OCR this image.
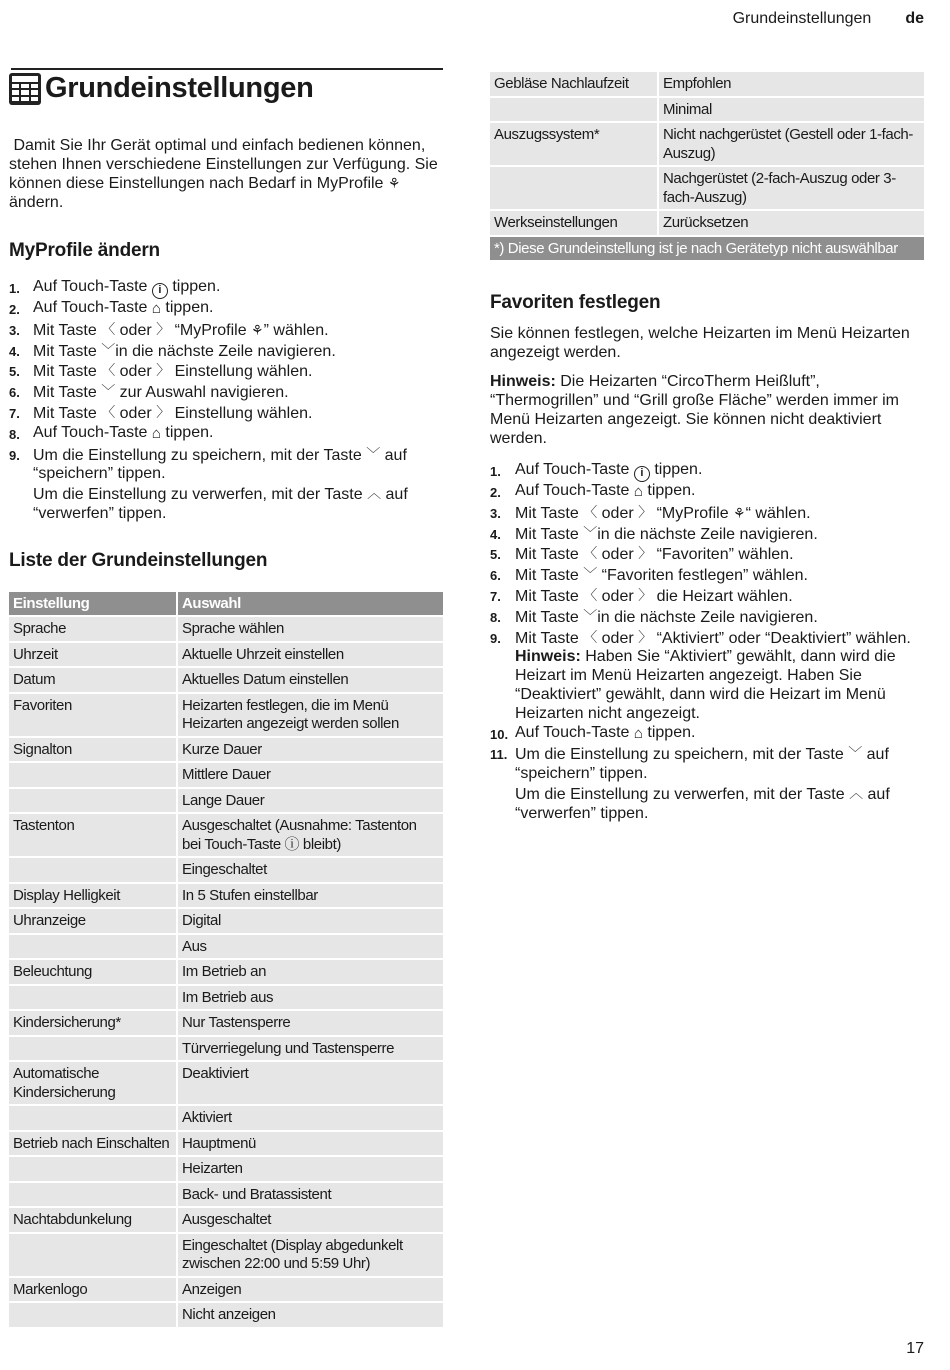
Grundeinstellungen de
Grundeinstellungen

Damit Sie Ihr Gerät optimal und einfach bedienen können, stehen Ihnen verschiedene Einstellungen zur Verfügung. Sie können diese Einstellungen nach Bedarf in MyProfile ⚘ ändern.

MyProfile ändern
1. Auf Touch-Taste i tippen.
2. Auf Touch-Taste ⌂ tippen.
3. Mit Taste 〈 oder 〉 “MyProfile ⚘” wählen.
4. Mit Taste ﹀in die nächste Zeile navigieren.
5. Mit Taste 〈 oder 〉 Einstellung wählen.
6. Mit Taste ﹀ zur Auswahl navigieren.
7. Mit Taste 〈 oder 〉 Einstellung wählen.
8. Auf Touch-Taste ⌂ tippen.
9. Um die Einstellung zu speichern, mit der Taste ﹀ auf “speichern” tippen.
Um die Einstellung zu verwerfen, mit der Taste ︿ auf “verwerfen” tippen.
Liste der Grundeinstellungen
Einstellung	Auswahl
Sprache	Sprache wählen
Uhrzeit	Aktuelle Uhrzeit einstellen
Datum	Aktuelles Datum einstellen
Favoriten	Heizarten festlegen, die im Menü Heizarten angezeigt werden sollen
Signalton	Kurze Dauer
	Mittlere Dauer
	Lange Dauer
Tastenton	Ausgeschaltet (Ausnahme: Tastenton bei Touch-Taste ⓘ bleibt)
	Eingeschaltet
Display Helligkeit	In 5 Stufen einstellbar
Uhranzeige	Digital
	Aus
Beleuchtung	Im Betrieb an
	Im Betrieb aus
Kindersicherung*	Nur Tastensperre
	Türverriegelung und Tastensperre
Automatische Kindersicherung	Deaktiviert
	Aktiviert
Betrieb nach Einschalten	Hauptmenü
	Heizarten
	Back- und Bratassistent
Nachtabdunkelung	Ausgeschaltet
	Eingeschaltet (Display abgedunkelt zwischen 22:00 und 5:59 Uhr)
Markenlogo	Anzeigen
	Nicht anzeigen
Gebläse Nachlaufzeit	Empfohlen
	Minimal
Auszugssystem*	Nicht nachgerüstet (Gestell oder 1-fach-Auszug)
	Nachgerüstet (2-fach-Auszug oder 3-fach-Auszug)
Werkseinstellungen	Zurücksetzen
*) Diese Grundeinstellung ist je nach Gerätetyp nicht auswählbar	
Favoriten festlegen

Sie können festlegen, welche Heizarten im Menü Heizarten angezeigt werden.

Hinweis: Die Heizarten “CircoTherm Heißluft”, “Thermogrillen” und “Grill große Fläche” werden immer im Menü Heizarten angezeigt. Sie können nicht deaktiviert werden.

1. Auf Touch-Taste i tippen.
2. Auf Touch-Taste ⌂ tippen.
3. Mit Taste 〈 oder 〉 “MyProfile ⚘“ wählen.
4. Mit Taste ﹀in die nächste Zeile navigieren.
5. Mit Taste 〈 oder 〉 “Favoriten” wählen.
6. Mit Taste ﹀ “Favoriten festlegen” wählen.
7. Mit Taste 〈 oder 〉 die Heizart wählen.
8. Mit Taste ﹀in die nächste Zeile navigieren.
9. Mit Taste 〈 oder 〉 “Aktiviert” oder “Deaktiviert” wählen.
Hinweis: Haben Sie “Aktiviert” gewählt, dann wird die Heizart im Menü Heizarten angezeigt. Haben Sie “Deaktiviert” gewählt, dann wird die Heizart im Menü Heizarten nicht angezeigt.
10. Auf Touch-Taste ⌂ tippen.
11. Um die Einstellung zu speichern, mit der Taste ﹀ auf “speichern” tippen.
Um die Einstellung zu verwerfen, mit der Taste ︿ auf “verwerfen” tippen.
17
